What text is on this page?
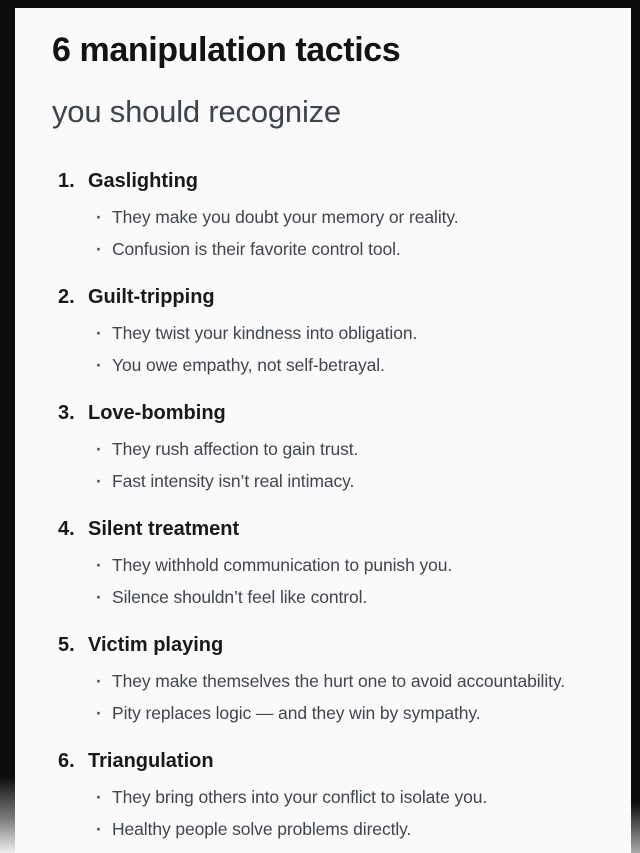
6 manipulation tactics
you should recognize
1. Gaslighting
· They make you doubt your memory or reality.
· Confusion is their favorite control tool.
2. Guilt-tripping
· They twist your kindness into obligation.
· You owe empathy, not self-betrayal.
3. Love-bombing
· They rush affection to gain trust.
· Fast intensity isn’t real intimacy.
4. Silent treatment
· They withhold communication to punish you.
· Silence shouldn’t feel like control.
5. Victim playing
· They make themselves the hurt one to avoid accountability.
· Pity replaces logic — and they win by sympathy.
6. Triangulation
· They bring others into your conflict to isolate you.
· Healthy people solve problems directly.
